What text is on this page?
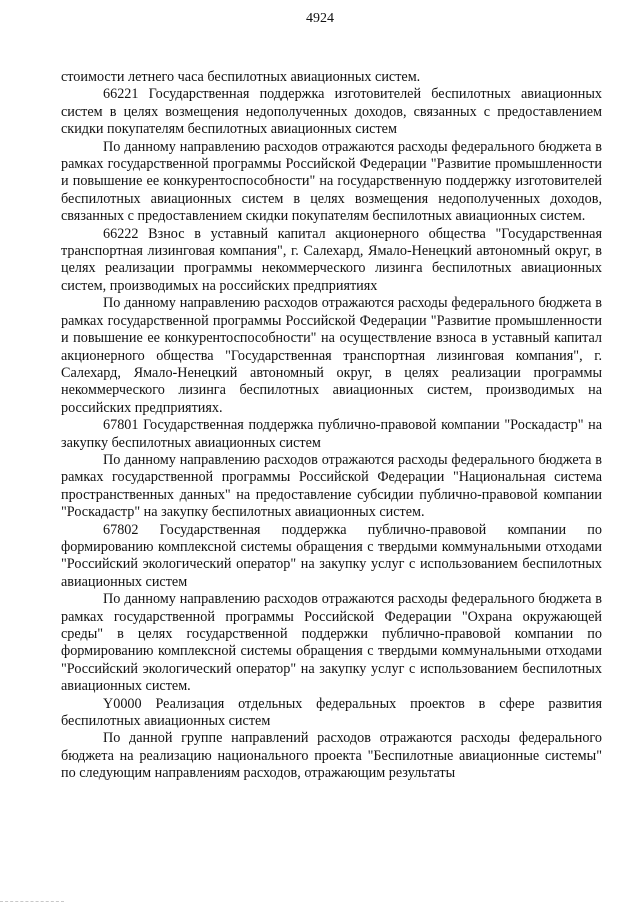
4924

стоимости летнего часа беспилотных авиационных систем.

66221 Государственная поддержка изготовителей беспилотных авиационных систем в целях возмещения недополученных доходов, связанных с предоставлением скидки покупателям беспилотных авиационных систем

По данному направлению расходов отражаются расходы федерального бюджета в рамках государственной программы Российской Федерации "Развитие промышленности и повышение ее конкурентоспособности" на государственную поддержку изготовителей беспилотных авиационных систем в целях возмещения недополученных доходов, связанных с предоставлением скидки покупателям беспилотных авиационных систем.

66222 Взнос в уставный капитал акционерного общества "Государственная транспортная лизинговая компания", г. Салехард, Ямало-Ненецкий автономный округ, в целях реализации программы некоммерческого лизинга беспилотных авиационных систем, производимых на российских предприятиях

По данному направлению расходов отражаются расходы федерального бюджета в рамках государственной программы Российской Федерации "Развитие промышленности и повышение ее конкурентоспособности" на осуществление взноса в уставный капитал акционерного общества "Государственная транспортная лизинговая компания", г. Салехард, Ямало-Ненецкий автономный округ, в целях реализации программы некоммерческого лизинга беспилотных авиационных систем, производимых на российских предприятиях.

67801 Государственная поддержка публично-правовой компании "Роскадастр" на закупку беспилотных авиационных систем

По данному направлению расходов отражаются расходы федерального бюджета в рамках государственной программы Российской Федерации "Национальная система пространственных данных" на предоставление субсидии публично-правовой компании "Роскадастр" на закупку беспилотных авиационных систем.

67802 Государственная поддержка публично-правовой компании по формированию комплексной системы обращения с твердыми коммунальными отходами "Российский экологический оператор" на закупку услуг с использованием беспилотных авиационных систем

По данному направлению расходов отражаются расходы федерального бюджета в рамках государственной программы Российской Федерации "Охрана окружающей среды" в целях государственной поддержки публично-правовой компании по формированию комплексной системы обращения с твердыми коммунальными отходами "Российский экологический оператор" на закупку услуг с использованием беспилотных авиационных систем.

Y0000 Реализация отдельных федеральных проектов в сфере развития беспилотных авиационных систем

По данной группе направлений расходов отражаются расходы федерального бюджета на реализацию национального проекта "Беспилотные авиационные системы" по следующим направлениям расходов, отражающим результаты
